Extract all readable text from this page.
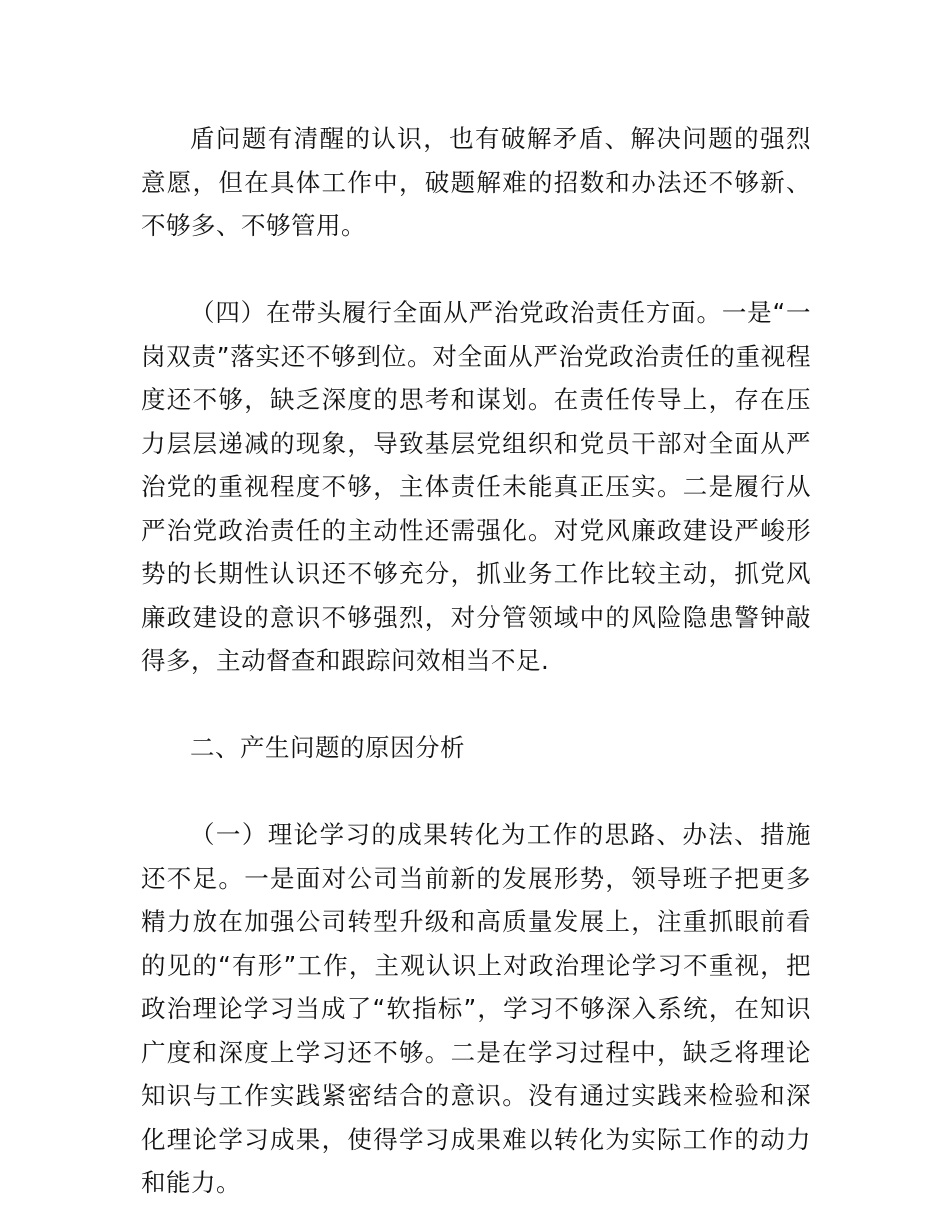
盾问题有清醒的认识，也有破解矛盾、解决问题的强烈意愿，但在具体工作中，破题解难的招数和办法还不够新、不够多、不够管用。

（四）在带头履行全面从严治党政治责任方面。一是“一岗双责”落实还不够到位。对全面从严治党政治责任的重视程度还不够，缺乏深度的思考和谋划。在责任传导上，存在压力层层递减的现象，导致基层党组织和党员干部对全面从严治党的重视程度不够，主体责任未能真正压实。二是履行从严治党政治责任的主动性还需强化。对党风廉政建设严峻形势的长期性认识还不够充分，抓业务工作比较主动，抓党风廉政建设的意识不够强烈，对分管领域中的风险隐患警钟敲得多，主动督查和跟踪问效相当不足.

二、产生问题的原因分析

（一）理论学习的成果转化为工作的思路、办法、措施还不足。一是面对公司当前新的发展形势，领导班子把更多精力放在加强公司转型升级和高质量发展上，注重抓眼前看的见的“有形”工作，主观认识上对政治理论学习不重视，把政治理论学习当成了“软指标”，学习不够深入系统，在知识广度和深度上学习还不够。二是在学习过程中，缺乏将理论知识与工作实践紧密结合的意识。没有通过实践来检验和深化理论学习成果，使得学习成果难以转化为实际工作的动力和能力。
